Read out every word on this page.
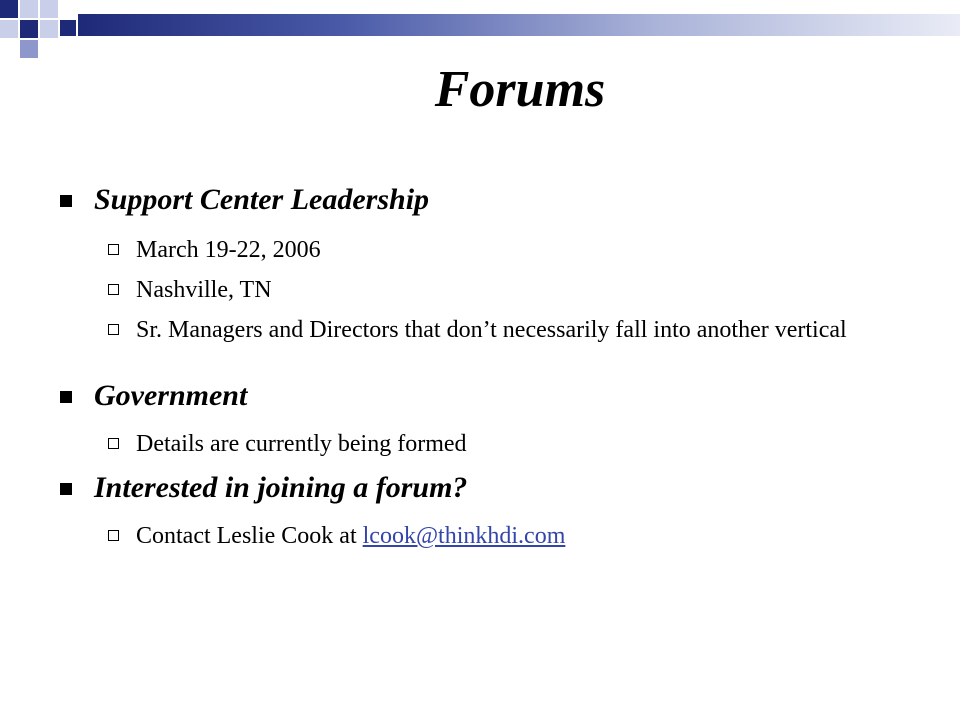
Forums
Support Center Leadership
March 19-22, 2006
Nashville, TN
Sr. Managers and Directors that don’t necessarily fall into another vertical
Government
Details are currently being formed
Interested in joining a forum?
Contact Leslie Cook at lcook@thinkhdi.com
